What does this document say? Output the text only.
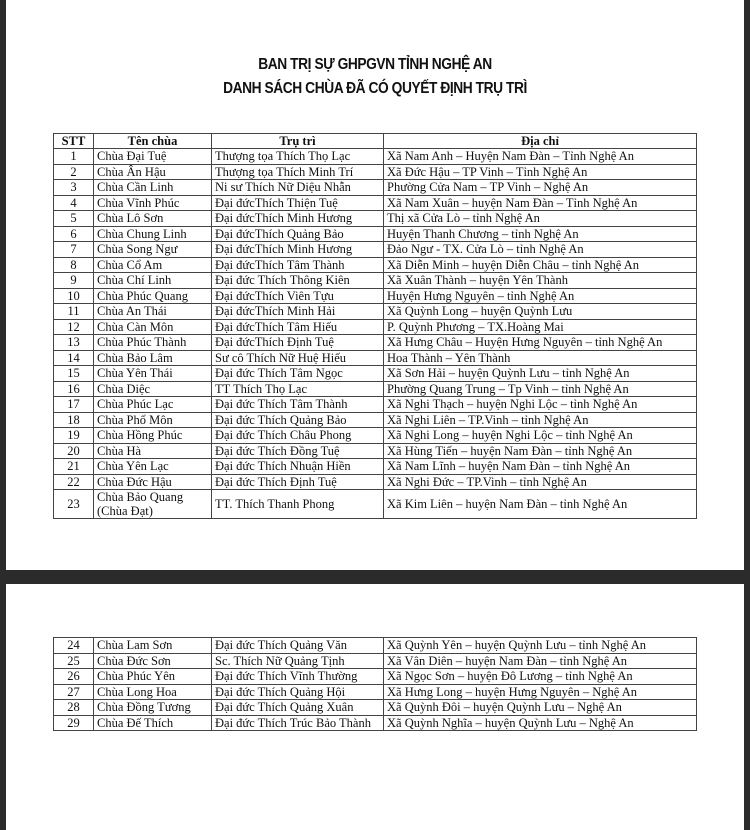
BAN TRỊ SỰ GHPGVN TỈNH NGHỆ AN

DANH SÁCH CHÙA ĐÃ CÓ QUYẾT ĐỊNH TRỤ TRÌ

STT	Tên chùa	Trụ trì	Địa chỉ
1	Chùa Đại Tuệ	Thượng tọa Thích Thọ Lạc	Xã Nam Anh – Huyện Nam Đàn – Tỉnh Nghệ An
2	Chùa Ân Hậu	Thượng tọa Thích Minh Trí	Xã Đức Hậu – TP Vinh – Tỉnh Nghệ An
3	Chùa Cần Linh	Ni sư Thích Nữ Diệu Nhẫn	Phường Cửa Nam – TP Vinh – Nghệ An
4	Chùa Vĩnh Phúc	Đại đứcThích Thiện Tuệ	Xã Nam Xuân – huyện Nam Đàn – Tỉnh Nghệ An
5	Chùa Lô Sơn	Đại đứcThích Minh Hương	Thị xã Cửa Lò – tỉnh Nghệ An
6	Chùa Chung Linh	Đại đứcThích Quảng Bảo	Huyện Thanh Chương – tỉnh Nghệ An
7	Chùa Song Ngư	Đại đứcThích Minh Hương	Đảo Ngư - TX. Cửa Lò – tỉnh Nghệ An
8	Chùa Cổ Am	Đại đứcThích Tâm Thành	Xã Diễn Minh – huyện Diễn Châu – tỉnh Nghệ An
9	Chùa Chí Linh	Đại đức Thích Thông Kiên	Xã Xuân Thành – huyện Yên Thành
10	Chùa Phúc Quang	Đại đứcThích Viên Tựu	Huyện Hưng Nguyên – tỉnh Nghệ An
11	Chùa An Thái	Đại đứcThích Minh Hải	Xã Quỳnh Long – huyện Quỳnh Lưu
12	Chùa Càn Môn	Đại đứcThích Tâm Hiếu	P. Quỳnh Phương – TX.Hoàng Mai
13	Chùa Phúc Thành	Đại đứcThích Định Tuệ	Xã Hưng Châu – Huyện Hưng Nguyên – tỉnh Nghệ An
14	Chùa Bảo Lâm	Sư cô Thích Nữ Huệ Hiếu	Hoa Thành – Yên Thành
15	Chùa Yên Thái	Đại đức Thích Tâm Ngọc	Xã Sơn Hải – huyện Quỳnh Lưu – tỉnh Nghệ An
16	Chùa Diệc	TT Thích Thọ Lạc	Phường Quang Trung – Tp Vinh – tỉnh Nghệ An
17	Chùa Phúc Lạc	Đại đức Thích Tâm Thành	Xã Nghi Thạch – huyện Nghi Lộc – tỉnh Nghệ An
18	Chùa Phổ Môn	Đại đức Thích Quảng Bảo	Xã Nghi Liên – TP.Vinh – tỉnh Nghệ An
19	Chùa Hồng Phúc	Đại đức Thích Châu Phong	Xã Nghi Long – huyện Nghi Lộc – tỉnh Nghệ An
20	Chùa Hà	Đại đức Thích Đồng Tuệ	Xã Hùng Tiến – huyện Nam Đàn – tỉnh Nghệ An
21	Chùa Yên Lạc	Đại đức Thích Nhuận Hiền	Xã Nam Lĩnh – huyện Nam Đàn – tỉnh Nghệ An
22	Chùa Đức Hậu	Đại đức Thích Định Tuệ	Xã Nghi Đức – TP.Vinh – tỉnh Nghệ An
23	Chùa Bảo Quang (Chùa Đạt)	TT. Thích Thanh Phong	Xã Kim Liên – huyện Nam Đàn – tỉnh Nghệ An
24	Chùa Lam Sơn	Đại đức Thích Quảng Văn	Xã Quỳnh Yên – huyện Quỳnh Lưu – tỉnh Nghệ An
25	Chùa Đức Sơn	Sc. Thích Nữ Quảng Tịnh	Xã Vân Diên – huyện Nam Đàn – tỉnh Nghệ An
26	Chùa Phúc Yên	Đại đức Thích Vĩnh Thường	Xã Ngọc Sơn – huyện Đô Lương – tỉnh Nghệ An
27	Chùa Long Hoa	Đại đức Thích Quảng Hội	Xã Hưng Long – huyện Hưng Nguyên – Nghệ An
28	Chùa Đồng Tương	Đại đức Thích Quảng Xuân	Xã Quỳnh Đôi – huyện Quỳnh Lưu – Nghệ An
29	Chùa Đế Thích	Đại đức Thích Trúc Bảo Thành	Xã Quỳnh Nghĩa – huyện Quỳnh Lưu – Nghệ An
